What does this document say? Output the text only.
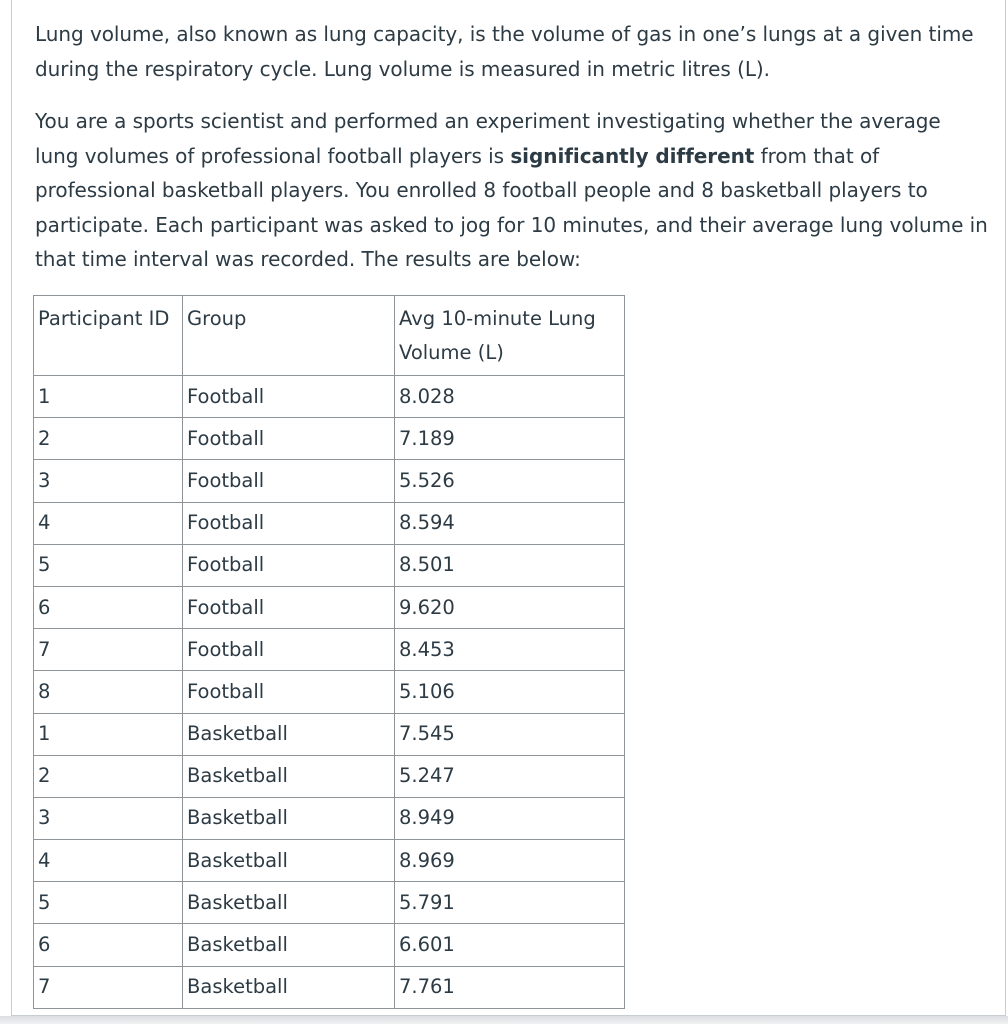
Lung volume, also known as lung capacity, is the volume of gas in one’s lungs at a given time during the respiratory cycle. Lung volume is measured in metric litres (L).

You are a sports scientist and performed an experiment investigating whether the average lung volumes of professional football players is significantly different from that of professional basketball players. You enrolled 8 football people and 8 basketball players to participate. Each participant was asked to jog for 10 minutes, and their average lung volume in that time interval was recorded. The results are below:

Participant ID	Group	Avg 10-minute Lung Volume (L)
1	Football	8.028
2	Football	7.189
3	Football	5.526
4	Football	8.594
5	Football	8.501
6	Football	9.620
7	Football	8.453
8	Football	5.106
1	Basketball	7.545
2	Basketball	5.247
3	Basketball	8.949
4	Basketball	8.969
5	Basketball	5.791
6	Basketball	6.601
7	Basketball	7.761
